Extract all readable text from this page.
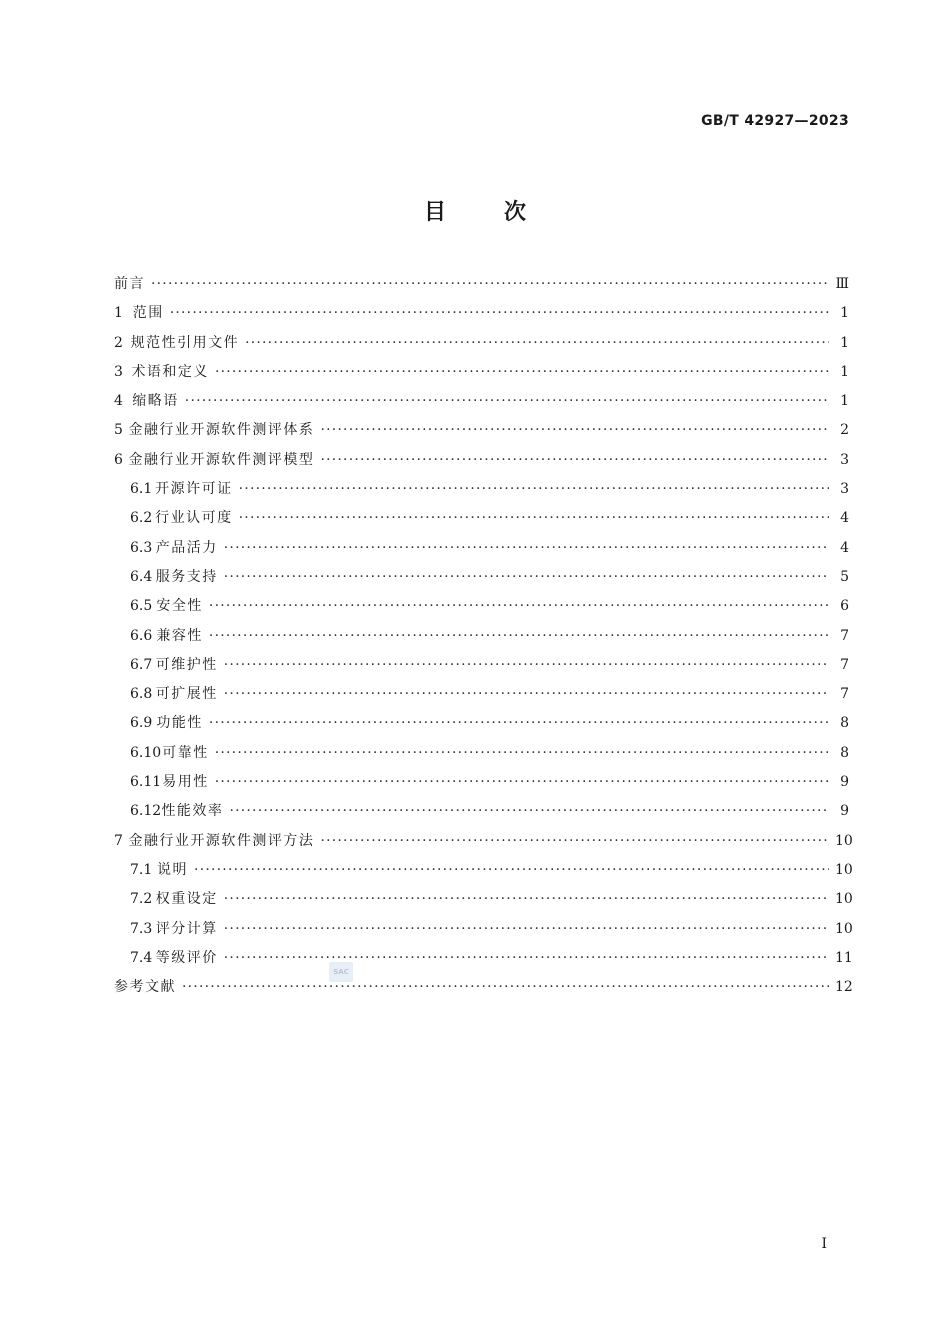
GB/T 42927—2023
目次
前言 ·····	Ⅲ
1 范围 ·····	1
2 规范性引用文件 ·····	1
3 术语和定义 ·····	1
4 缩略语 ·····	1
5 金融行业开源软件测评体系 ·····	2
6 金融行业开源软件测评模型 ·····	3
6.1 开源许可证 ·····	3
6.2 行业认可度 ·····	4
6.3 产品活力 ·····	4
6.4 服务支持 ·····	5
6.5 安全性 ·····	6
6.6 兼容性 ·····	7
6.7 可维护性 ·····	7
6.8 可扩展性 ·····	7
6.9 功能性 ·····	8
6.10 可靠性 ·····	8
6.11 易用性 ·····	9
6.12 性能效率 ·····	9
7 金融行业开源软件测评方法 ·····	10
7.1 说明 ·····	10
7.2 权重设定 ·····	10
7.3 评分计算 ·····	10
7.4 等级评价 ·····	11
参考文献 ·····	12
SAC
I
